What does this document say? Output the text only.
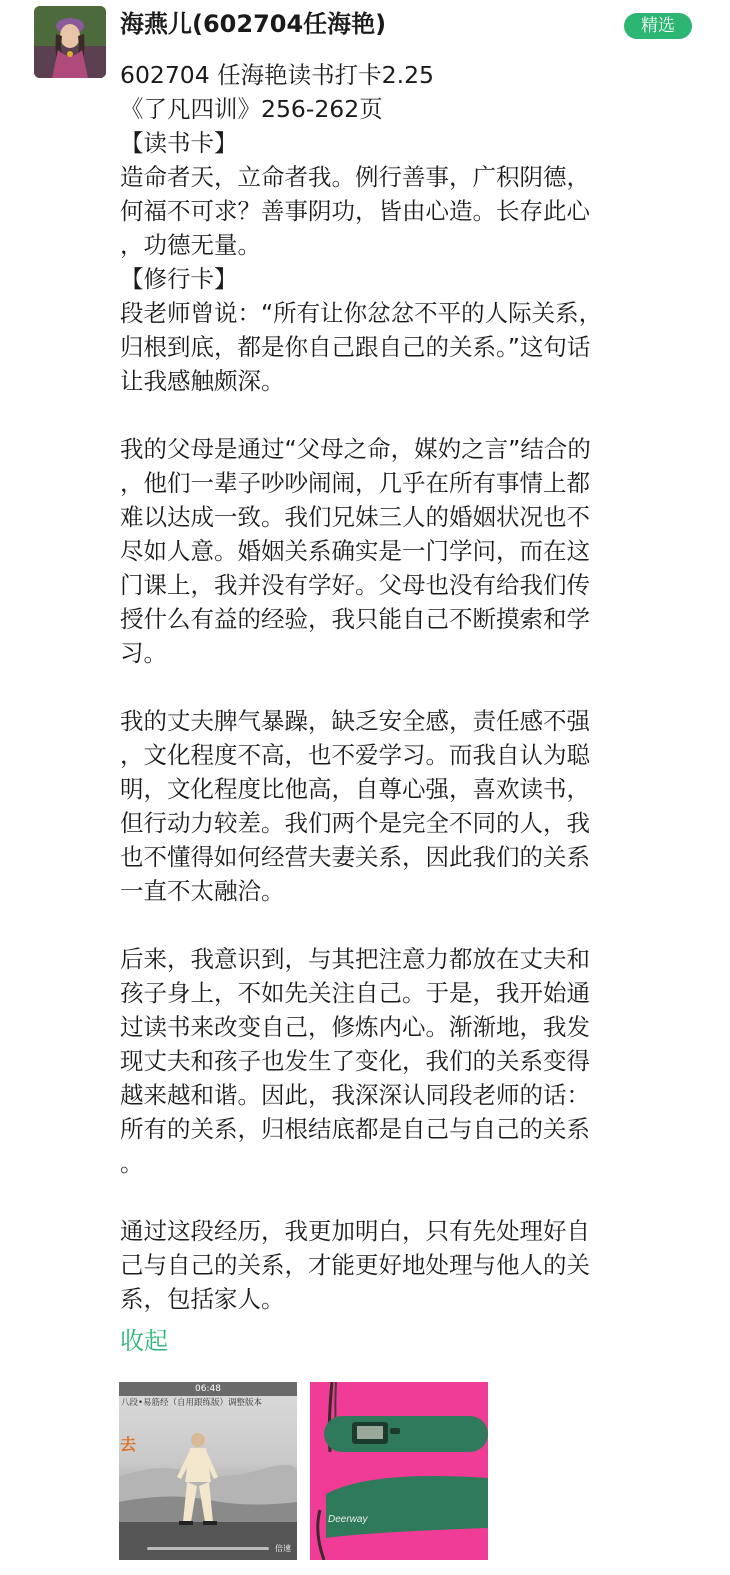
海燕儿(602704任海艳)	精选
602704 任海艳读书打卡2.25
《了凡四训》256-262页
【读书卡】
造命者天，立命者我。例行善事，广积阴德，
何福不可求？善事阴功，皆由心造。长存此心
，功德无量。
【修行卡】
段老师曾说：“所有让你忿忿不平的人际关系，
归根到底，都是你自己跟自己的关系。”这句话
让我感触颇深。
我的父母是通过“父母之命，媒妁之言”结合的
，他们一辈子吵吵闹闹，几乎在所有事情上都
难以达成一致。我们兄妹三人的婚姻状况也不
尽如人意。婚姻关系确实是一门学问，而在这
门课上，我并没有学好。父母也没有给我们传
授什么有益的经验，我只能自己不断摸索和学
习。
我的丈夫脾气暴躁，缺乏安全感，责任感不强
，文化程度不高，也不爱学习。而我自认为聪
明，文化程度比他高，自尊心强，喜欢读书，
但行动力较差。我们两个是完全不同的人，我
也不懂得如何经营夫妻关系，因此我们的关系
一直不太融洽。
后来，我意识到，与其把注意力都放在丈夫和
孩子身上，不如先关注自己。于是，我开始通
过读书来改变自己，修炼内心。渐渐地，我发
现丈夫和孩子也发生了变化，我们的关系变得
越来越和谐。因此，我深深认同段老师的话：
所有的关系，归根结底都是自己与自己的关系
。
通过这段经历，我更加明白，只有先处理好自
己与自己的关系，才能更好地处理与他人的关
系，包括家人。
收起
06:48
八段•易筋经（自用跟练版）调整版本
去
倍速
Deerway
